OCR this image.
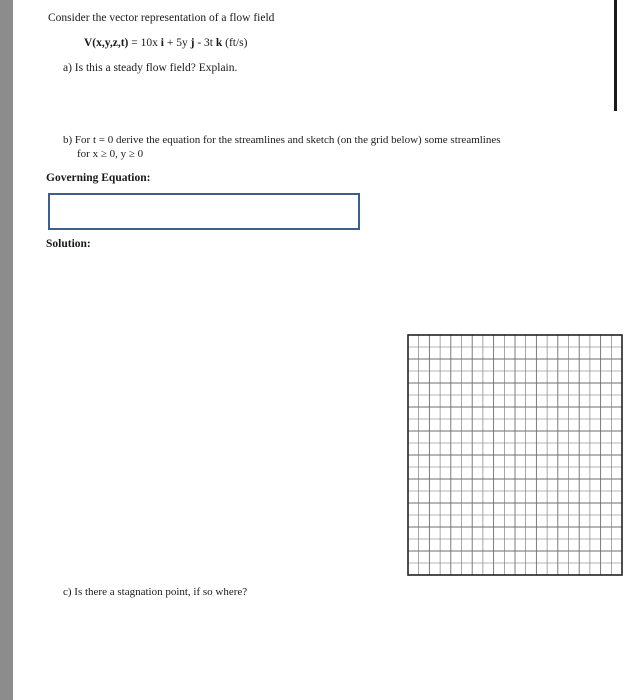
Consider the vector representation of a flow field
V(x,y,z,t) = 10x i + 5y j - 3t k (ft/s)
a) Is this a steady flow field? Explain.
b) For t = 0 derive the equation for the streamlines and sketch (on the grid below) some streamlines
for x ≥ 0, y ≥ 0
Governing Equation:
Solution:
c) Is there a stagnation point, if so where?
